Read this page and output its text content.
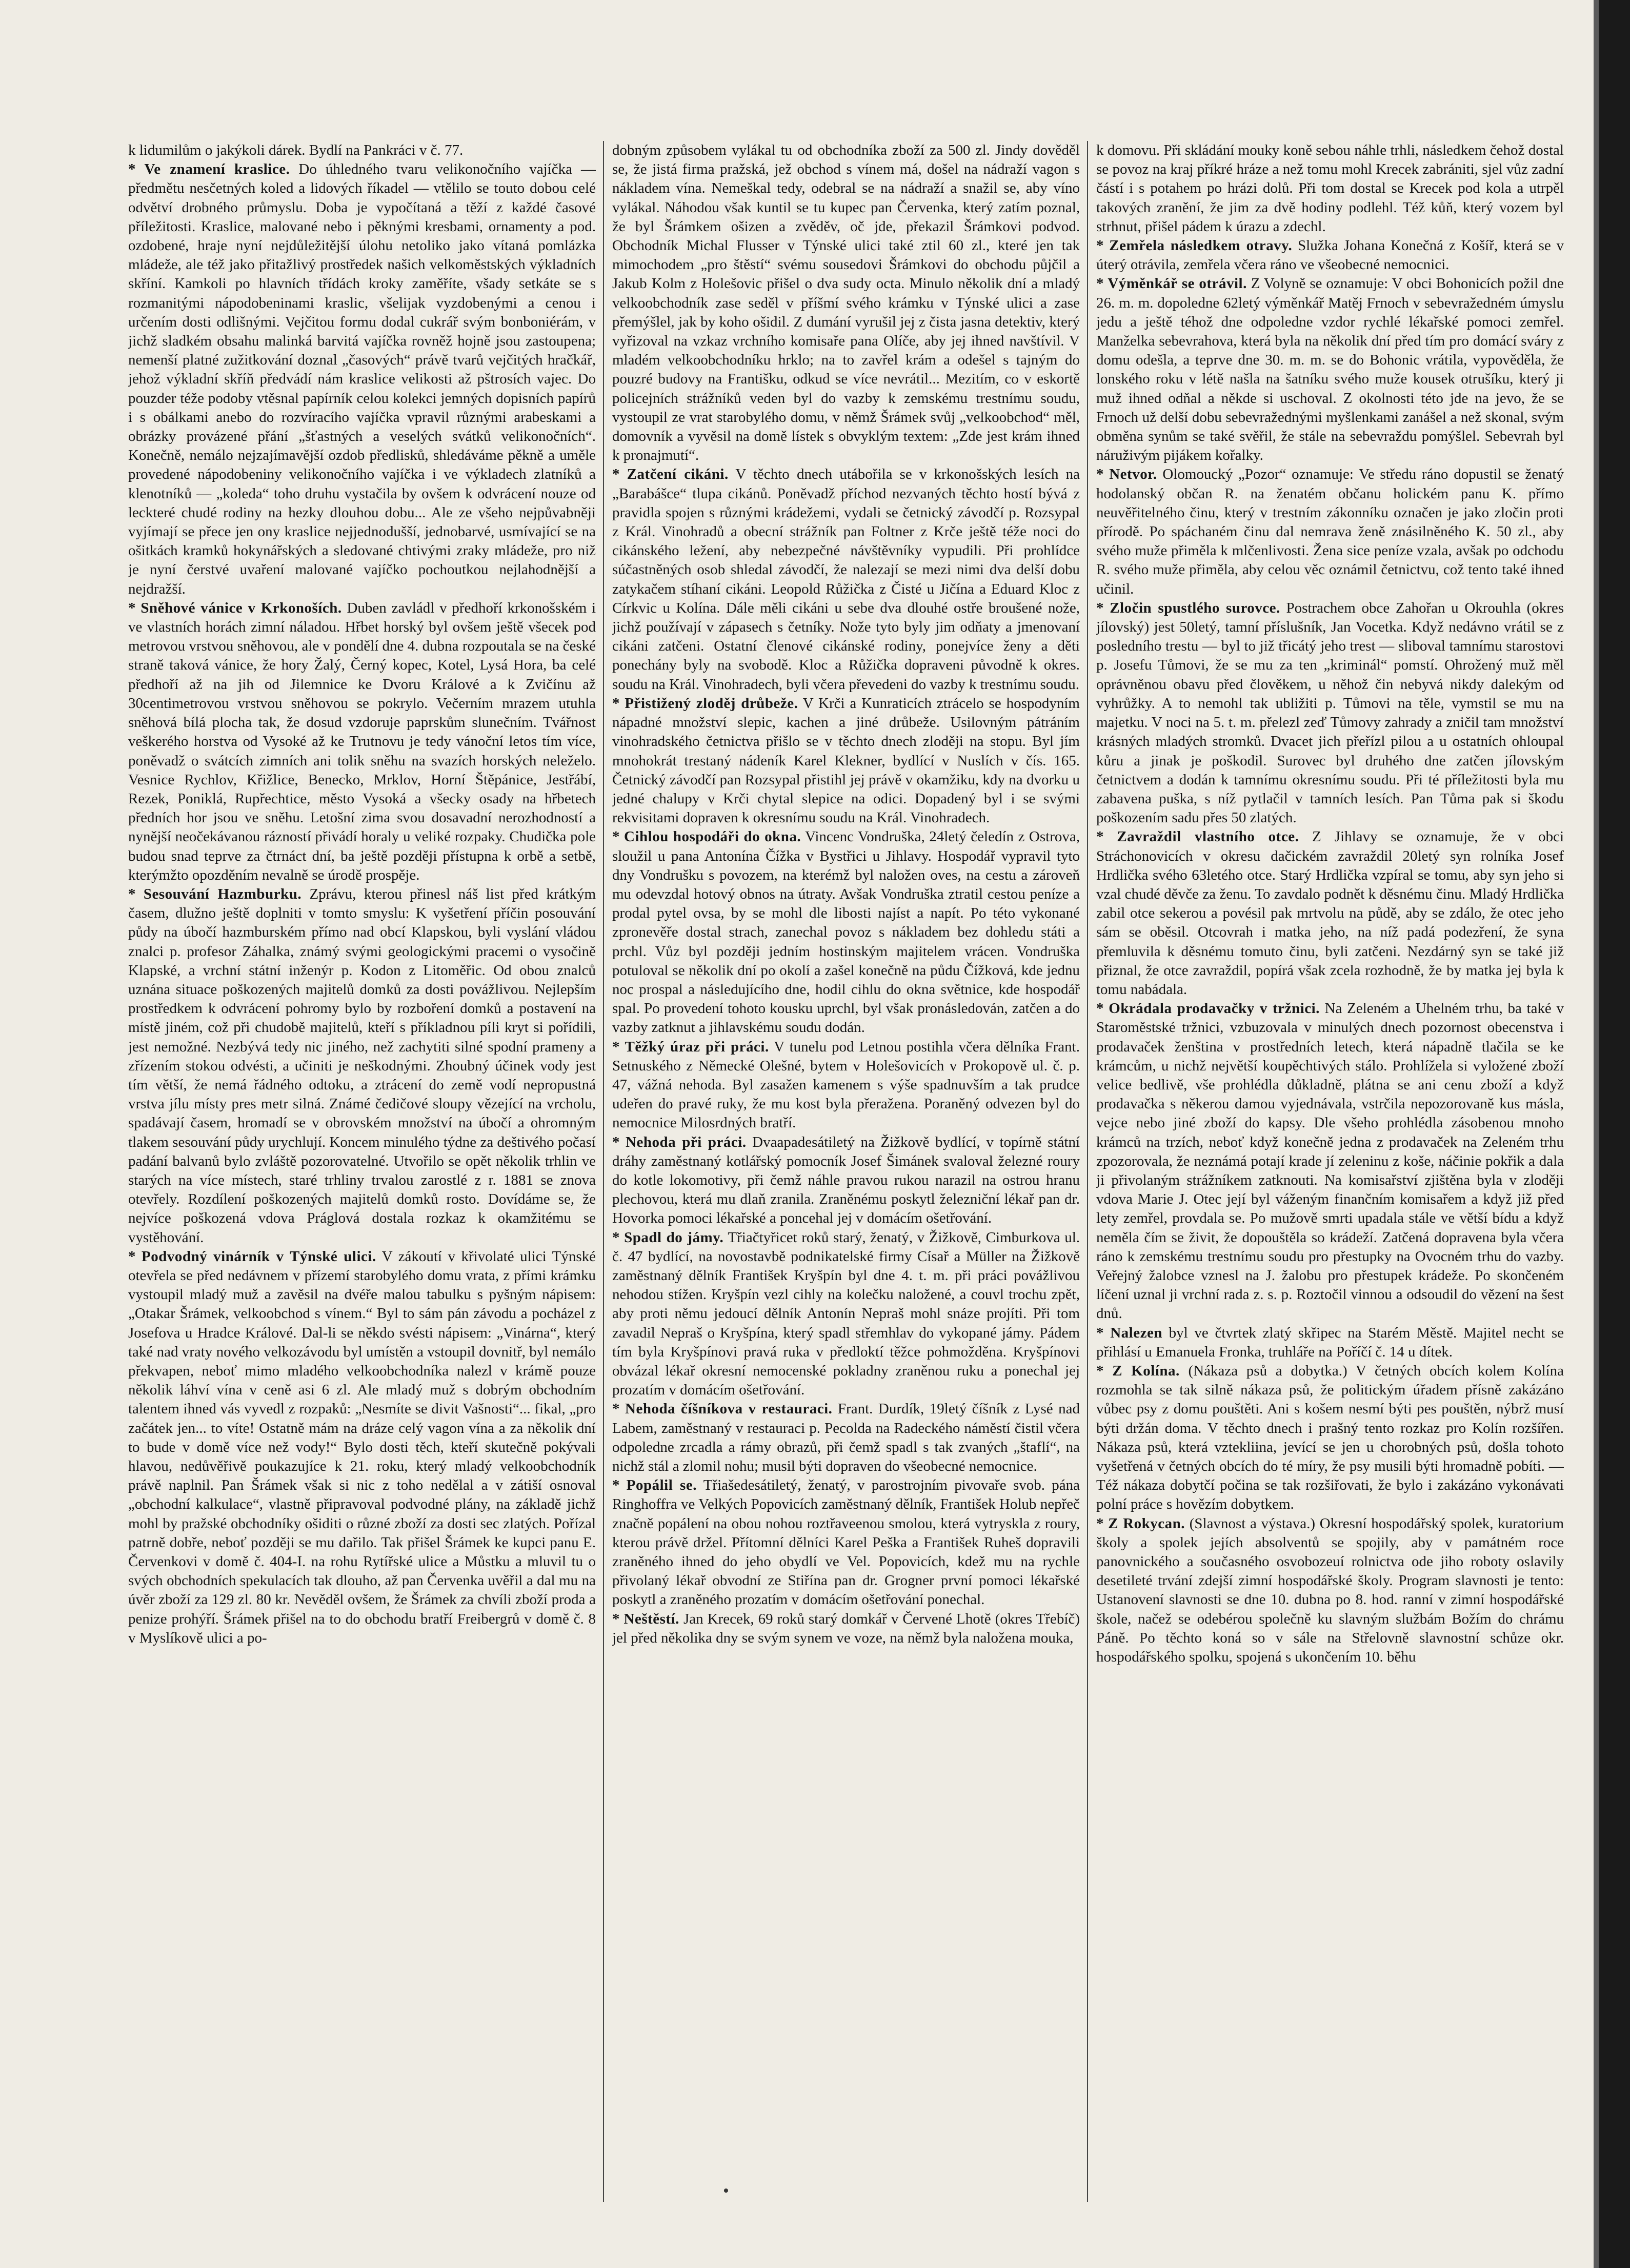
k lidumilům o jakýkoli dárek. Bydlí na Pankráci v č. 77.

* Ve znamení kraslice. Do úhledného tvaru velikonočního vajíčka — předmětu nesčetných koled a lidových říkadel — vtělilo se touto dobou celé odvětví drobného průmyslu. Doba je vypočítaná a těží z každé časové příležitosti. Kraslice, malované nebo i pěknými kresbami, ornamenty a pod. ozdobené, hraje nyní nejdůležitější úlohu netoliko jako vítaná pomlázka mládeže, ale též jako přitažlivý prostředek našich velkoměstských výkladních skříní. Kamkoli po hlavních třídách kroky zaměříte, všady setkáte se s rozmanitými nápodobeninami kraslic, všelijak vyzdobenými a cenou i určením dosti odlišnými. Vejčitou formu dodal cukrář svým bonboniérám, v jichž sladkém obsahu malinká barvitá vajíčka rovněž hojně jsou zastoupena; nemenší platné zužitkování doznal „časových“ právě tvarů vejčitých hračkář, jehož výkladní skříň předvádí nám kraslice velikosti až pštrosích vajec. Do pouzder téže podoby vtěsnal papírník celou kolekci jemných dopisních papírů i s obálkami anebo do rozvíracího vajíčka vpravil různými arabeskami a obrázky provázené přání „šťastných a veselých svátků velikonočních“. Konečně, nemálo nejzajímavější ozdob předlisků, shledáváme pěkně a uměle provedené nápodobeniny velikonočního vajíčka i ve výkladech zlatníků a klenotníků — „koleda“ toho druhu vystačila by ovšem k odvrácení nouze od leckteré chudé rodiny na hezky dlouhou dobu... Ale ze všeho nejpůvabněji vyjímají se přece jen ony kraslice nejjednodušší, jednobarvé, usmívající se na ošitkách kramků hokynářských a sledované chtivými zraky mládeže, pro niž je nyní čerstvé uvaření malované vajíčko pochoutkou nejlahodnější a nejdražší.

* Sněhové vánice v Krkonoších. Duben zavládl v předhoří krkonošském i ve vlastních horách zimní náladou. Hřbet horský byl ovšem ještě všecek pod metrovou vrstvou sněhovou, ale v pondělí dne 4. dubna rozpoutala se na české straně taková vánice, že hory Žalý, Černý kopec, Kotel, Lysá Hora, ba celé předhoří až na jih od Jilemnice ke Dvoru Králové a k Zvičínu až 30centimetrovou vrstvou sněhovou se pokrylo. Večerním mrazem utuhla sněhová bílá plocha tak, že dosud vzdoruje paprskům slunečním. Tvářnost veškerého horstva od Vysoké až ke Trutnovu je tedy vánoční letos tím více, poněvadž o svátcích zimních ani tolik sněhu na svazích horských neleželo. Vesnice Rychlov, Křižlice, Benecko, Mrklov, Horní Štěpánice, Jestřábí, Rezek, Poniklá, Rupřechtice, město Vysoká a všecky osady na hřbetech předních hor jsou ve sněhu. Letošní zima svou dosavadní nerozhodností a nynější neočekávanou rázností přivádí horaly u veliké rozpaky. Chudička pole budou snad teprve za čtrnáct dní, ba ještě později přístupna k orbě a setbě, kterýmžto opozděním nevalně se úrodě prospěje.

* Sesouvání Hazmburku. Zprávu, kterou přinesl náš list před krátkým časem, dlužno ještě doplniti v tomto smyslu: K vyšetření příčin posouvání půdy na úbočí hazmburském přímo nad obcí Klapskou, byli vyslání vládou znalci p. profesor Záhalka, známý svými geologickými pracemi o vysočině Klapské, a vrchní státní inženýr p. Kodon z Litoměřic. Od obou znalců uznána situace poškozených majitelů domků za dosti povážlivou. Nejlepším prostředkem k odvrácení pohromy bylo by rozboření domků a postavení na místě jiném, což při chudobě majitelů, kteří s příkladnou píli kryt si pořídili, jest nemožné. Nezbývá tedy nic jiného, než zachytiti silné spodní prameny a zřízením stokou odvésti, a učiniti je neškodnými. Zhoubný účinek vody jest tím větší, že nemá řádného odtoku, a ztrácení do země vodí nepropustná vrstva jílu místy pres metr silná. Známé čedičové sloupy vězející na vrcholu, spadávají časem, hromadí se v obrovském množství na úbočí a ohromným tlakem sesouvání půdy urychlují. Koncem minulého týdne za deštivého počasí padání balvanů bylo zvláště pozorovatelné. Utvořilo se opět několik trhlin ve starých na více místech, staré trhliny trvalou zarostlé z r. 1881 se znova otevřely. Rozdílení poškozených majitelů domků rosto. Dovídáme se, že nejvíce poškozená vdova Práglová dostala rozkaz k okamžitému se vystěhování.

* Podvodný vinárník v Týnské ulici. V zákoutí v křivolaté ulici Týnské otevřela se před nedávnem v přízemí starobylého domu vrata, z přími krámku vystoupil mladý muž a zavěsil na dvéře malou tabulku s pyšným nápisem: „Otakar Šrámek, velkoobchod s vínem.“ Byl to sám pán závodu a pocházel z Josefova u Hradce Králové. Dal-li se někdo svésti nápisem: „Vinárna“, který také nad vraty nového velkozávodu byl umístěn a vstoupil dovnitř, byl nemálo překvapen, neboť mimo mladého velkoobchodníka nalezl v krámě pouze několik láhví vína v ceně asi 6 zl. Ale mladý muž s dobrým obchodním talentem ihned vás vyvedl z rozpaků: „Nesmíte se divit Vašnosti“... fikal, „pro začátek jen... to víte! Ostatně mám na dráze celý vagon vína a za několik dní to bude v domě více než vody!“ Bylo dosti těch, kteří skutečně pokývali hlavou, nedůvěřivě poukazujíce k 21. roku, který mladý velkoobchodník právě naplnil. Pan Šrámek však si nic z toho nedělal a v zátiší osnoval „obchodní kalkulace“, vlastně připravoval podvodné plány, na základě jichž mohl by pražské obchodníky ošiditi o různé zboží za dosti sec zlatých. Pořízal patrně dobře, neboť později se mu dařilo. Tak přišel Šrámek ke kupci panu E. Červenkovi v domě č. 404-I. na rohu Rytířské ulice a Můstku a mluvil tu o svých obchodních spekulacích tak dlouho, až pan Červenka uvěřil a dal mu na úvěr zboží za 129 zl. 80 kr. Nevěděl ovšem, že Šrámek za chvíli zboží proda a penize prohýří. Šrámek přišel na to do obchodu bratří Freibergrů v domě č. 8 v Myslíkově ulici a po-

dobným způsobem vylákal tu od obchodníka zboží za 500 zl. Jindy dověděl se, že jistá firma pražská, jež obchod s vínem má, došel na nádraží vagon s nákladem vína. Nemeškal tedy, odebral se na nádraží a snažil se, aby víno vylákal. Náhodou však kuntil se tu kupec pan Červenka, který zatím poznal, že byl Šrámkem ošizen a zvěděv, oč jde, překazil Šrámkovi podvod. Obchodník Michal Flusser v Týnské ulici také ztil 60 zl., které jen tak mimochodem „pro štěstí“ svému sousedovi Šrámkovi do obchodu půjčil a Jakub Kolm z Holešovic přišel o dva sudy octa. Minulo několik dní a mladý velkoobchodník zase seděl v příšmí svého krámku v Týnské ulici a zase přemýšlel, jak by koho ošidil. Z dumání vyrušil jej z čista jasna detektiv, který vyřizoval na vzkaz vrchního komisaře pana Olíče, aby jej ihned navštívil. V mladém velkoobchodníku hrklo; na to zavřel krám a odešel s tajným do pouzré budovy na Františku, odkud se více nevrátil... Mezitím, co v eskortě policejních strážníků veden byl do vazby k zemskému trestnímu soudu, vystoupil ze vrat starobylého domu, v němž Šrámek svůj „velkoobchod“ měl, domovník a vyvěsil na domě lístek s obvyklým textem: „Zde jest krám ihned k pronajmutí“.

* Zatčení cikáni. V těchto dnech utábořila se v krkonošských lesích na „Barabášce“ tlupa cikánů. Poněvadž příchod nezvaných těchto hostí bývá z pravidla spojen s různými krádežemi, vydali se četnický závodčí p. Rozsypal z Král. Vinohradů a obecní strážník pan Foltner z Krče ještě téže noci do cikánského ležení, aby nebezpečné návštěvníky vypudili. Při prohlídce súčastněných osob shledal závodčí, že nalezají se mezi nimi dva delší dobu zatykačem stíhaní cikáni. Leopold Růžička z Čisté u Jičína a Eduard Kloc z Církvic u Kolína. Dále měli cikáni u sebe dva dlouhé ostře broušené nože, jichž používají v zápasech s četníky. Nože tyto byly jim odňaty a jmenovaní cikáni zatčeni. Ostatní členové cikánské rodiny, ponejvíce ženy a děti ponechány byly na svobodě. Kloc a Růžička dopraveni původně k okres. soudu na Král. Vinohradech, byli včera převedeni do vazby k trestnímu soudu.

* Přistižený zloděj drůbeže. V Krči a Kunraticích ztrácelo se hospodyním nápadné množství slepic, kachen a jiné drůbeže. Usilovným pátráním vinohradského četnictva přišlo se v těchto dnech zloději na stopu. Byl jím mnohokrát trestaný nádeník Karel Klekner, bydlící v Nuslích v čís. 165. Četnický závodčí pan Rozsypal přistihl jej právě v okamžiku, kdy na dvorku u jedné chalupy v Krči chytal slepice na odici. Dopadený byl i se svými rekvisitami dopraven k okresnímu soudu na Král. Vinohradech.

* Cihlou hospodáři do okna. Vincenc Vondruška, 24letý čeledín z Ostrova, sloužil u pana Antonína Čížka v Bystřici u Jihlavy. Hospodář vypravil tyto dny Vondrušku s povozem, na kterémž byl naložen oves, na cestu a zároveň mu odevzdal hotový obnos na útraty. Avšak Vondruška ztratil cestou peníze a prodal pytel ovsa, by se mohl dle libosti najíst a napít. Po této vykonané zpronevěře dostal strach, zanechal povoz s nákladem bez dohledu státi a prchl. Vůz byl později jedním hostinským majitelem vrácen. Vondruška potuloval se několik dní po okolí a zašel konečně na půdu Čížková, kde jednu noc prospal a následujícího dne, hodil cihlu do okna světnice, kde hospodář spal. Po provedení tohoto kousku uprchl, byl však pronásledován, zatčen a do vazby zatknut a jihlavskému soudu dodán.

* Těžký úraz při práci. V tunelu pod Letnou postihla včera dělníka Frant. Setnuského z Německé Olešné, bytem v Holešovicích v Prokopově ul. č. p. 47, vážná nehoda. Byl zasažen kamenem s výše spadnuvším a tak prudce udeřen do pravé ruky, že mu kost byla přeražena. Poraněný odvezen byl do nemocnice Milosrdných bratří.

* Nehoda při práci. Dvaapadesátiletý na Žižkově bydlící, v topírně státní dráhy zaměstnaný kotlářský pomocník Josef Šimánek svaloval železné roury do kotle lokomotivy, při čemž náhle pravou rukou narazil na ostrou hranu plechovou, která mu dlaň zranila. Zraněnému poskytl železniční lékař pan dr. Hovorka pomoci lékařské a poncehal jej v domácím ošetřování.

* Spadl do jámy. Třiačtyřicet roků starý, ženatý, v Žižkově, Cimburkova ul. č. 47 bydlící, na novostavbě podnikatelské firmy Císař a Müller na Žižkově zaměstnaný dělník František Kryšpín byl dne 4. t. m. při práci povážlivou nehodou stížen. Kryšpín vezl cihly na kolečku naložené, a couvl trochu zpět, aby proti němu jedoucí dělník Antonín Nepraš mohl snáze projíti. Při tom zavadil Nepraš o Kryšpína, který spadl střemhlav do vykopané jámy. Pádem tím byla Kryšpínovi pravá ruka v předloktí těžce pohmožděna. Kryšpínovi obvázal lékař okresní nemocenské pokladny zraněnou ruku a ponechal jej prozatím v domácím ošetřování.

* Nehoda číšníkova v restauraci. Frant. Durdík, 19letý číšník z Lysé nad Labem, zaměstnaný v restauraci p. Pecolda na Radeckého náměstí čistil včera odpoledne zrcadla a rámy obrazů, při čemž spadl s tak zvaných „štaflí“, na nichž stál a zlomil nohu; musil býti dopraven do všeobecné nemocnice.

* Popálil se. Třiašedesátiletý, ženatý, v parostrojním pivovaře svob. pána Ringhoffra ve Velkých Popovicích zaměstnaný dělník, František Holub nepřeč značně popálení na obou nohou roztřaveenou smolou, která vytryskla z roury, kterou právě držel. Přítomní dělníci Karel Peška a František Ruheš dopravili zraněného ihned do jeho obydlí ve Vel. Popovicích, kdež mu na rychle přivolaný lékař obvodní ze Stiřína pan dr. Grogner první pomoci lékařské poskytl a zraněného prozatím v domácím ošetřování ponechal.

* Neštěstí. Jan Krecek, 69 roků starý domkář v Červené Lhotě (okres Třebíč) jel před několika dny se svým synem ve voze, na němž byla naložena mouka,

k domovu. Při skládání mouky koně sebou náhle trhli, následkem čehož dostal se povoz na kraj příkré hráze a než tomu mohl Krecek zabrániti, sjel vůz zadní částí i s potahem po hrázi dolů. Při tom dostal se Krecek pod kola a utrpěl takových zranění, že jim za dvě hodiny podlehl. Též kůň, který vozem byl strhnut, přišel pádem k úrazu a zdechl.

* Zemřela následkem otravy. Služka Johana Konečná z Košíř, která se v úterý otrávila, zemřela včera ráno ve všeobecné nemocnici.

* Výměnkář se otrávil. Z Volyně se oznamuje: V obci Bohonicích požil dne 26. m. m. dopoledne 62letý výměnkář Matěj Frnoch v sebevražedném úmyslu jedu a ještě téhož dne odpoledne vzdor rychlé lékařské pomoci zemřel. Manželka sebevrahova, která byla na několik dní před tím pro domácí sváry z domu odešla, a teprve dne 30. m. m. se do Bohonic vrátila, vypověděla, že lonského roku v létě našla na šatníku svého muže kousek otrušíku, který ji muž ihned odňal a někde si uschoval. Z okolnosti této jde na jevo, že se Frnoch už delší dobu sebevražednými myšlenkami zanášel a než skonal, svým obměna synům se také svěřil, že stále na sebevraždu pomýšlel. Sebevrah byl náruživým pijákem kořalky.

* Netvor. Olomoucký „Pozor“ oznamuje: Ve středu ráno dopustil se ženatý hodolanský občan R. na ženatém občanu holickém panu K. přímo neuvěřitelného činu, který v trestním zákonníku označen je jako zločin proti přírodě. Po spáchaném činu dal nemrava ženě znásilněného K. 50 zl., aby svého muže přiměla k mlčenlivosti. Žena sice peníze vzala, avšak po odchodu R. svého muže přiměla, aby celou věc oznámil četnictvu, což tento také ihned učinil.

* Zločin spustlého surovce. Postrachem obce Zahořan u Okrouhla (okres jílovský) jest 50letý, tamní příslušník, Jan Vocetka. Když nedávno vrátil se z posledního trestu — byl to již třicátý jeho trest — sliboval tamnímu starostovi p. Josefu Tůmovi, že se mu za ten „kriminál“ pomstí. Ohrožený muž měl oprávněnou obavu před člověkem, u něhož čin nebyvá nikdy dalekým od vyhrůžky. A to nemohl tak ubližiti p. Tůmovi na těle, vymstil se mu na majetku. V noci na 5. t. m. přelezl zeď Tůmovy zahrady a zničil tam množství krásných mladých stromků. Dvacet jich přeřízl pilou a u ostatních ohloupal kůru a jinak je poškodil. Surovec byl druhého dne zatčen jílovským četnictvem a dodán k tamnímu okresnímu soudu. Při té příležitosti byla mu zabavena puška, s níž pytlačil v tamních lesích. Pan Tůma pak si škodu poškozením sadu přes 50 zlatých.

* Zavraždil vlastního otce. Z Jihlavy se oznamuje, že v obci Stráchonovicích v okresu dačickém zavraždil 20letý syn rolníka Josef Hrdlička svého 63letého otce. Starý Hrdlička vzpíral se tomu, aby syn jeho si vzal chudé děvče za ženu. To zavdalo podnět k děsnému činu. Mladý Hrdlička zabil otce sekerou a povésil pak mrtvolu na půdě, aby se zdálo, že otec jeho sám se oběsil. Otcovrah i matka jeho, na níž padá podezření, že syna přemluvila k děsnému tomuto činu, byli zatčeni. Nezdárný syn se také již přiznal, že otce zavraždil, popírá však zcela rozhodně, že by matka jej byla k tomu nabádala.

* Okrádala prodavačky v tržnici. Na Zeleném a Uhelném trhu, ba také v Staroměstské tržnici, vzbuzovala v minulých dnech pozornost obecenstva i prodavaček ženština v prostředních letech, která nápadně tlačila se ke krámcům, u nichž největší koupěchtivých stálo. Prohlížela si vyložené zboží velice bedlivě, vše prohlédla důkladně, plátna se ani cenu zboží a když prodavačka s někerou damou vyjednávala, vstrčila nepozorovaně kus másla, vejce nebo jiné zboží do kapsy. Dle všeho prohlédla zásobenou mnoho krámců na trzích, neboť když konečně jedna z prodavaček na Zeleném trhu zpozorovala, že neznámá potají krade jí zeleninu z koše, náčinie pokřik a dala ji přivolaným strážníkem zatknouti. Na komisařství zjištěna byla v zloději vdova Marie J. Otec její byl váženým finančním komisařem a když již před lety zemřel, provdala se. Po mužově smrti upadala stále ve větší bídu a když neměla čím se živit, že dopouštěla so krádeží. Zatčená dopravena byla včera ráno k zemskému trestnímu soudu pro přestupky na Ovocném trhu do vazby. Veřejný žalobce vznesl na J. žalobu pro přestupek krádeže. Po skončeném líčení uznal ji vrchní rada z. s. p. Roztočil vinnou a odsoudil do vězení na šest dnů.

* Nalezen byl ve čtvrtek zlatý skřipec na Starém Městě. Majitel necht se přihlásí u Emanuela Fronka, truhláře na Poříčí č. 14 u dítek.

* Z Kolína. (Nákaza psů a dobytka.) V četných obcích kolem Kolína rozmohla se tak silně nákaza psů, že politickým úřadem přísně zakázáno vůbec psy z domu pouštěti. Ani s košem nesmí býti pes pouštěn, nýbrž musí býti držán doma. V těchto dnech i prašný tento rozkaz pro Kolín rozšířen. Nákaza psů, která vztekliina, jevící se jen u chorobných psů, došla tohoto vyšetřená v četných obcích do té míry, že psy musili býti hromadně pobíti. — Též nákaza dobytčí počina se tak rozšiřovati, že bylo i zakázáno vykonávati polní práce s hovězím dobytkem.

* Z Rokycan. (Slavnost a výstava.) Okresní hospodářský spolek, kuratorium školy a spolek jejích absolventů se spojily, aby v památném roce panovnického a současného osvobozeuí rolnictva ode jiho roboty oslavily desetileté trvání zdejší zimní hospodářské školy. Program slavnosti je tento: Ustanovení slavnosti se dne 10. dubna po 8. hod. ranní v zimní hospodářské škole, načež se odebérou společně ku slavným službám Božím do chrámu Páně. Po těchto koná so v sále na Střelovně slavnostní schůze okr. hospodářského spolku, spojená s ukončením 10. běhu

•
